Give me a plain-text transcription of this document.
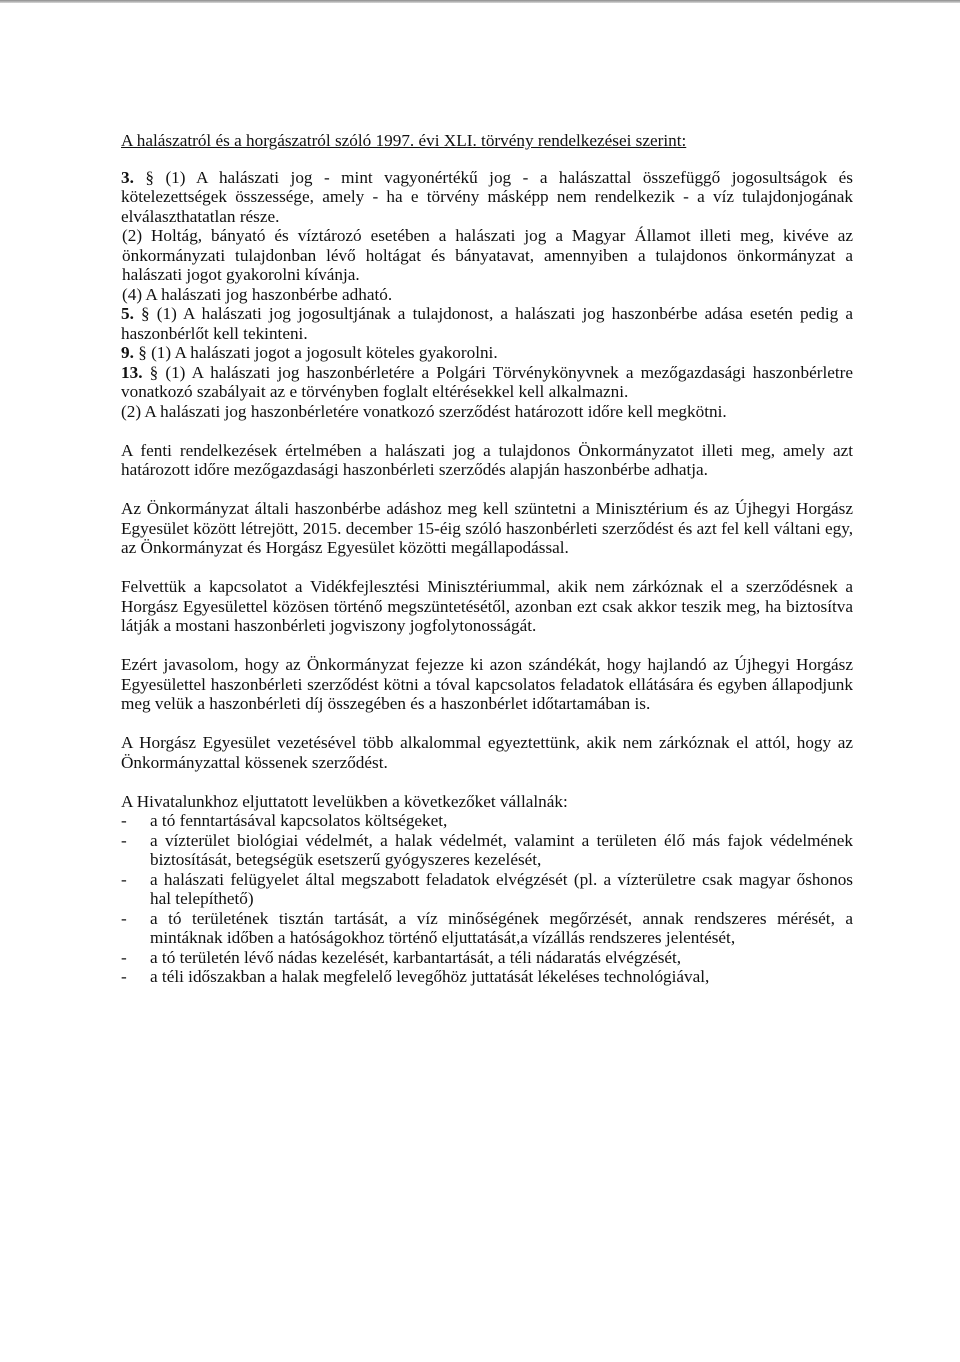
A halászatról és a horgászatról szóló 1997. évi XLI. törvény rendelkezései szerint:

3. § (1) A halászati jog - mint vagyonértékű jog - a halászattal összefüggő jogosultságok és kötelezettségek összessége, amely - ha e törvény másképp nem rendelkezik - a víz tulajdonjogának elválaszthatatlan része.

(2) Holtág, bányató és víztározó esetében a halászati jog a Magyar Államot illeti meg, kivéve az önkormányzati tulajdonban lévő holtágat és bányatavat, amennyiben a tulajdonos önkormányzat a halászati jogot gyakorolni kívánja.

(4) A halászati jog haszonbérbe adható.

5. § (1) A halászati jog jogosultjának a tulajdonost, a halászati jog haszonbérbe adása esetén pedig a haszonbérlőt kell tekinteni.

9. § (1) A halászati jogot a jogosult köteles gyakorolni.

13. § (1) A halászati jog haszonbérletére a Polgári Törvénykönyvnek a mezőgazdasági haszonbérletre vonatkozó szabályait az e törvényben foglalt eltérésekkel kell alkalmazni.

(2) A halászati jog haszonbérletére vonatkozó szerződést határozott időre kell megkötni.

A fenti rendelkezések értelmében a halászati jog a tulajdonos Önkormányzatot illeti meg, amely azt határozott időre mezőgazdasági haszonbérleti szerződés alapján haszonbérbe adhatja.

Az Önkormányzat általi haszonbérbe adáshoz meg kell szüntetni a Minisztérium és az Újhegyi Horgász Egyesület között létrejött, 2015. december 15-éig szóló haszonbérleti szerződést és azt fel kell váltani egy, az Önkormányzat és Horgász Egyesület közötti megállapodással.

Felvettük a kapcsolatot a Vidékfejlesztési Minisztériummal, akik nem zárkóznak el a szerződésnek a Horgász Egyesülettel közösen történő megszüntetésétől, azonban ezt csak akkor teszik meg, ha biztosítva látják a mostani haszonbérleti jogviszony jogfolytonosságát.

Ezért javasolom, hogy az Önkormányzat fejezze ki azon szándékát, hogy hajlandó az Újhegyi Horgász Egyesülettel haszonbérleti szerződést kötni a tóval kapcsolatos feladatok ellátására és egyben állapodjunk meg velük a haszonbérleti díj összegében és a haszonbérlet időtartamában is.

A Horgász Egyesület vezetésével több alkalommal egyeztettünk, akik nem zárkóznak el attól, hogy az Önkormányzattal kössenek szerződést.

A Hivatalunkhoz eljuttatott levelükben a következőket vállalnák:

- a tó fenntartásával kapcsolatos költségeket,
- a vízterület biológiai védelmét, a halak védelmét, valamint a területen élő más fajok védelmének biztosítását, betegségük esetszerű gyógyszeres kezelését,
- a halászati felügyelet által megszabott feladatok elvégzését (pl. a vízterületre csak magyar őshonos hal telepíthető)
- a tó területének tisztán tartását, a víz minőségének megőrzését, annak rendszeres mérését, a mintáknak időben a hatóságokhoz történő eljuttatását,a vízállás rendszeres jelentését,
- a tó területén lévő nádas kezelését, karbantartását, a téli nádaratás elvégzését,
- a téli időszakban a halak megfelelő levegőhöz juttatását lékeléses technológiával,
